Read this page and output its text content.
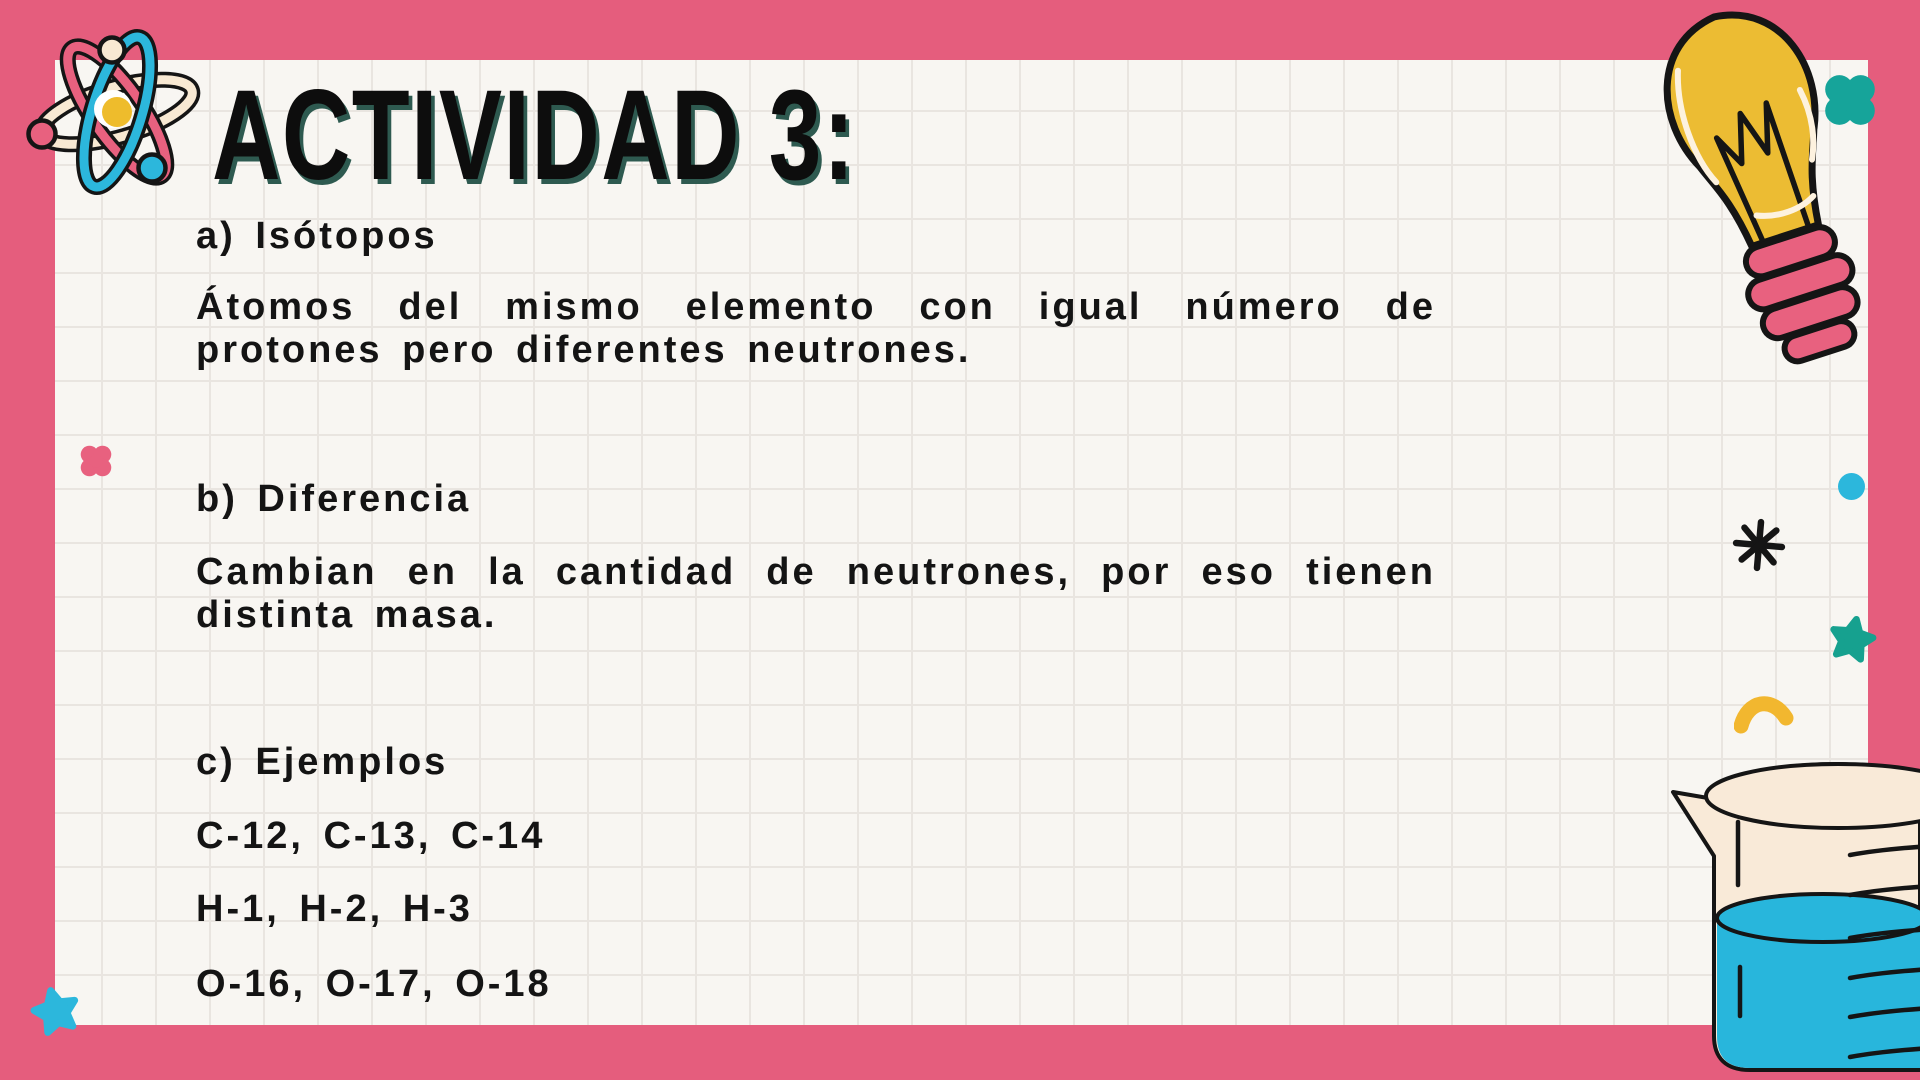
ACTIVIDAD 3:
a) Isótopos
Átomos del mismo elemento con igual número de
protones pero diferentes neutrones.
b) Diferencia
Cambian en la cantidad de neutrones, por eso tienen
distinta masa.
c) Ejemplos
C-12, C-13, C-14
H-1, H-2, H-3
O-16, O-17, O-18
